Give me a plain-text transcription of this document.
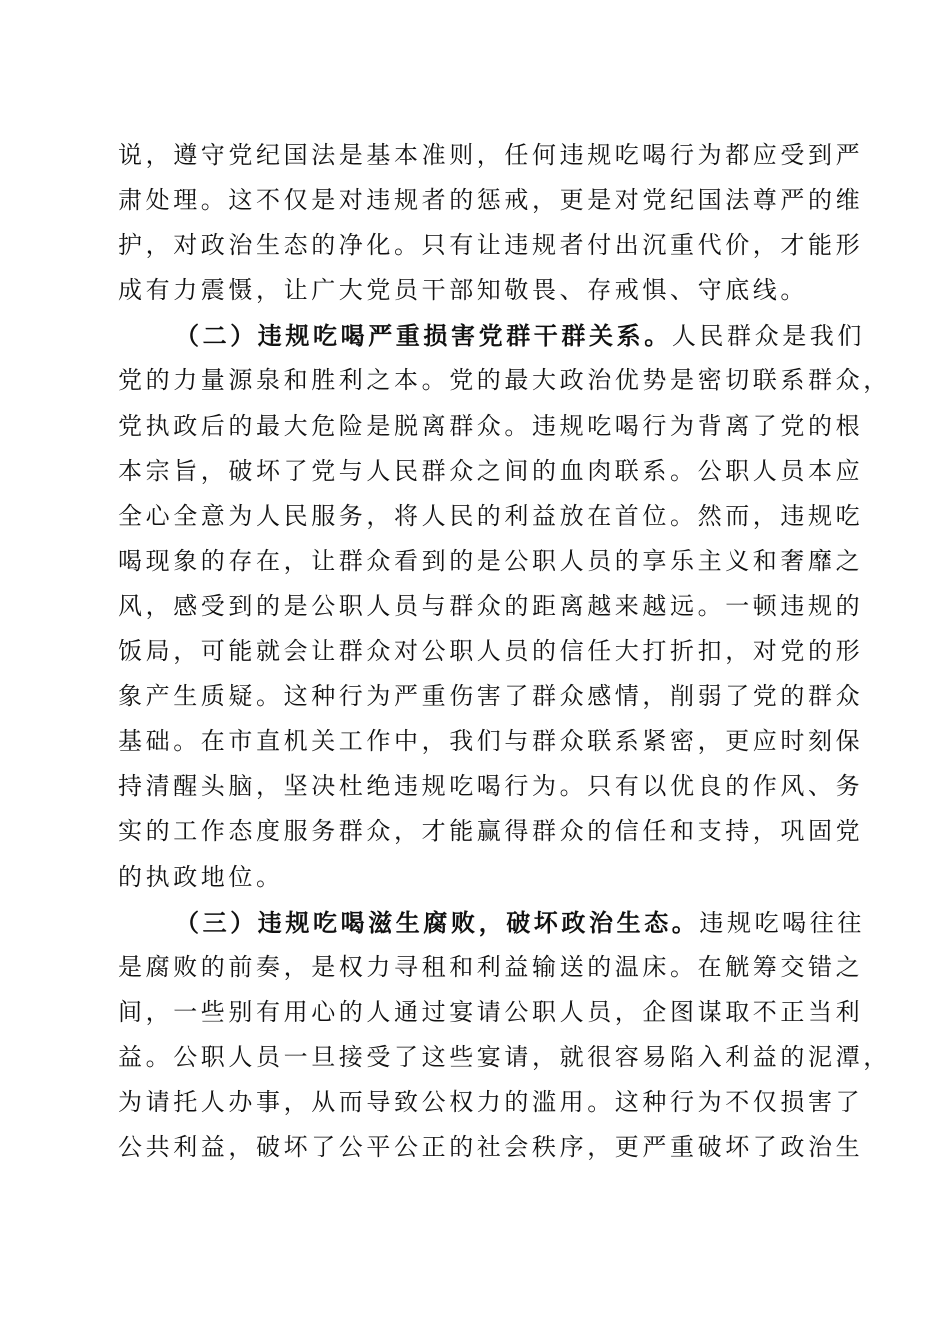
说，遵守党纪国法是基本准则，任何违规吃喝行为都应受到严
肃处理。这不仅是对违规者的惩戒，更是对党纪国法尊严的维
护，对政治生态的净化。只有让违规者付出沉重代价，才能形
成有力震慑，让广大党员干部知敬畏、存戒惧、守底线。
（二）违规吃喝严重损害党群干群关系。人民群众是我们
党的力量源泉和胜利之本。党的最大政治优势是密切联系群众，
党执政后的最大危险是脱离群众。违规吃喝行为背离了党的根
本宗旨，破坏了党与人民群众之间的血肉联系。公职人员本应
全心全意为人民服务，将人民的利益放在首位。然而，违规吃
喝现象的存在，让群众看到的是公职人员的享乐主义和奢靡之
风，感受到的是公职人员与群众的距离越来越远。一顿违规的
饭局，可能就会让群众对公职人员的信任大打折扣，对党的形
象产生质疑。这种行为严重伤害了群众感情，削弱了党的群众
基础。在市直机关工作中，我们与群众联系紧密，更应时刻保
持清醒头脑，坚决杜绝违规吃喝行为。只有以优良的作风、务
实的工作态度服务群众，才能赢得群众的信任和支持，巩固党
的执政地位。
（三）违规吃喝滋生腐败，破坏政治生态。违规吃喝往往
是腐败的前奏，是权力寻租和利益输送的温床。在觥筹交错之
间，一些别有用心的人通过宴请公职人员，企图谋取不正当利
益。公职人员一旦接受了这些宴请，就很容易陷入利益的泥潭，
为请托人办事，从而导致公权力的滥用。这种行为不仅损害了
公共利益，破坏了公平公正的社会秩序，更严重破坏了政治生
